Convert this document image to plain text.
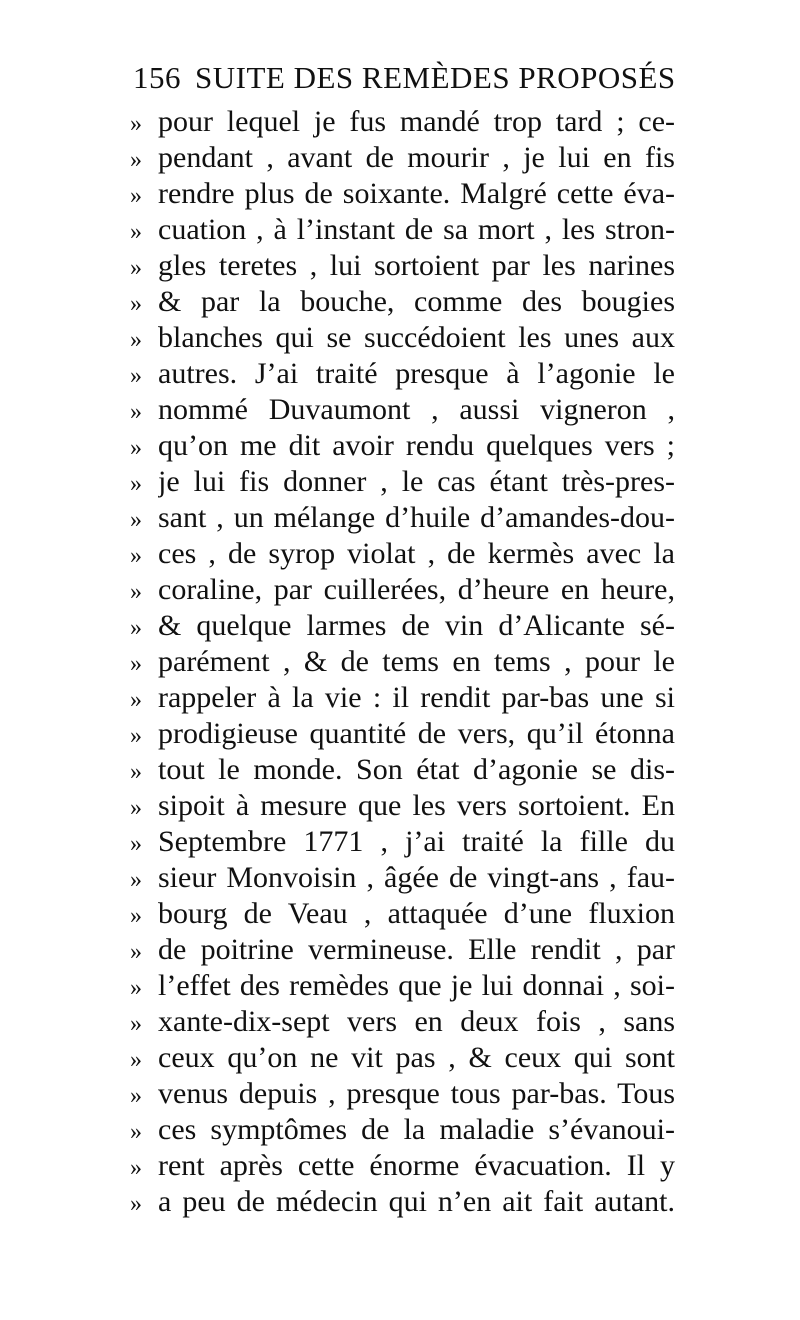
156 SUITE DES REMÈDES PROPOSÉS
» pour lequel je fus mandé trop tard ; ce-
» pendant , avant de mourir , je lui en fis
» rendre plus de soixante. Malgré cette éva-
» cuation , à l’instant de sa mort , les stron-
» gles teretes , lui sortoient par les narines
» & par la bouche, comme des bougies
» blanches qui se succédoient les unes aux
» autres. J’ai traité presque à l’agonie le
» nommé Duvaumont , aussi vigneron ,
» qu’on me dit avoir rendu quelques vers ;
» je lui fis donner , le cas étant très-pres-
» sant , un mélange d’huile d’amandes-dou-
» ces , de syrop violat , de kermès avec la
» coraline, par cuillerées, d’heure en heure,
» & quelque larmes de vin d’Alicante sé-
» parément , & de tems en tems , pour le
» rappeler à la vie : il rendit par-bas une si
» prodigieuse quantité de vers, qu’il étonna
» tout le monde. Son état d’agonie se dis-
» sipoit à mesure que les vers sortoient. En
» Septembre 1771 , j’ai traité la fille du
» sieur Monvoisin , âgée de vingt-ans , fau-
» bourg de Veau , attaquée d’une fluxion
» de poitrine vermineuse. Elle rendit , par
» l’effet des remèdes que je lui donnai , soi-
» xante-dix-sept vers en deux fois , sans
» ceux qu’on ne vit pas , & ceux qui sont
» venus depuis , presque tous par-bas. Tous
» ces symptômes de la maladie s’évanoui-
» rent après cette énorme évacuation. Il y
» a peu de médecin qui n’en ait fait autant.
